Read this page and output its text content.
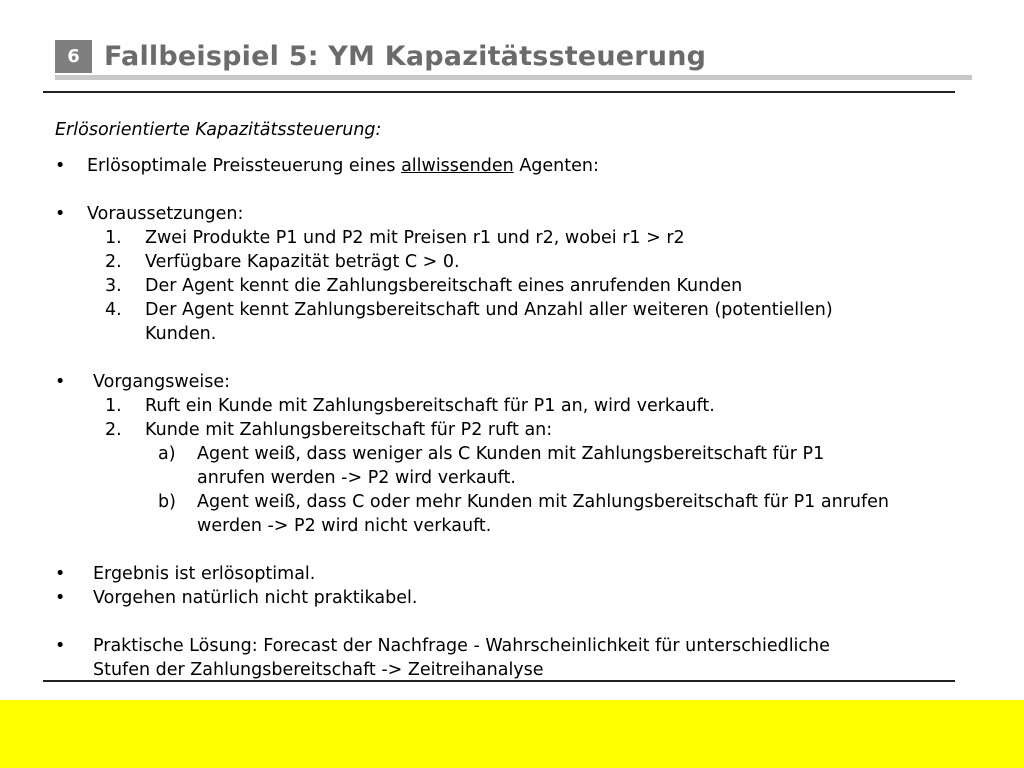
6 Fallbeispiel 5: YM Kapazitätssteuerung
Erlösorientierte Kapazitätssteuerung:
• Erlösoptimale Preissteuerung eines allwissenden Agenten:
• Voraussetzungen:
1. Zwei Produkte P1 und P2 mit Preisen r1 und r2, wobei r1 > r2
2. Verfügbare Kapazität beträgt C > 0.
3. Der Agent kennt die Zahlungsbereitschaft eines anrufenden Kunden
4. Der Agent kennt Zahlungsbereitschaft und Anzahl aller weiteren (potentiellen)
Kunden.
• Vorgangsweise:
1. Ruft ein Kunde mit Zahlungsbereitschaft für P1 an, wird verkauft.
2. Kunde mit Zahlungsbereitschaft für P2 ruft an:
a) Agent weiß, dass weniger als C Kunden mit Zahlungsbereitschaft für P1
anrufen werden -> P2 wird verkauft.
b) Agent weiß, dass C oder mehr Kunden mit Zahlungsbereitschaft für P1 anrufen
werden -> P2 wird nicht verkauft.
• Ergebnis ist erlösoptimal.
• Vorgehen natürlich nicht praktikabel.
• Praktische Lösung: Forecast der Nachfrage - Wahrscheinlichkeit für unterschiedliche
Stufen der Zahlungsbereitschaft -> Zeitreihanalyse
